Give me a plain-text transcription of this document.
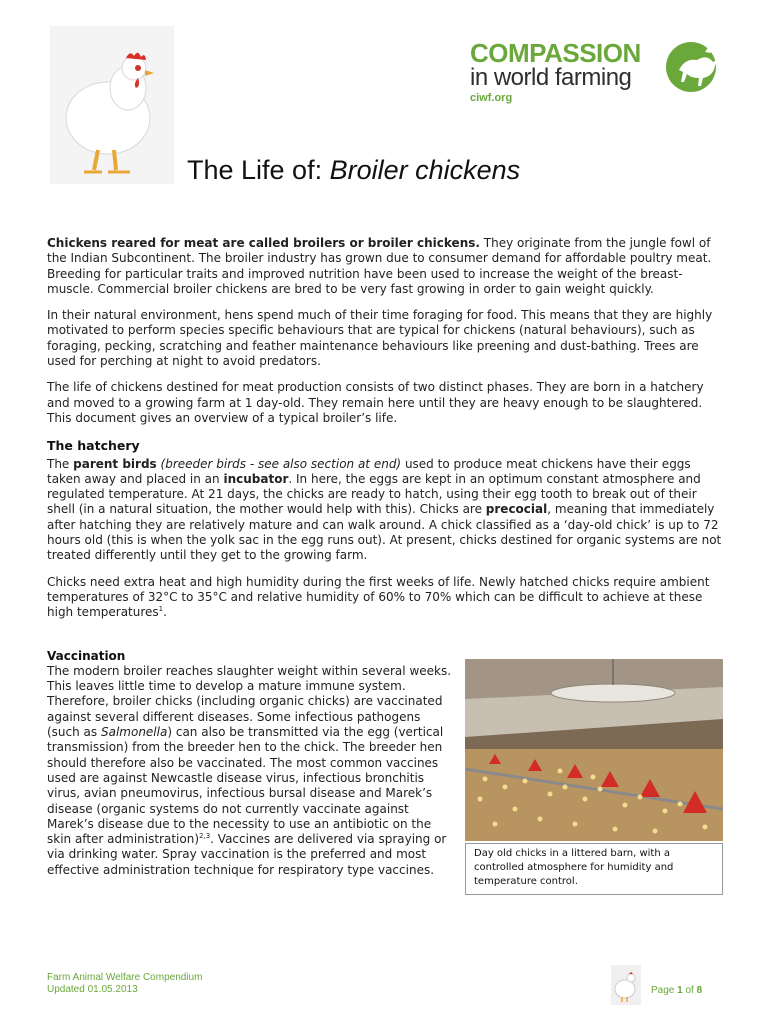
COMPASSION
in world farming
ciwf.org
The Life of: Broiler chickens

Chickens reared for meat are called broilers or broiler chickens. They originate from the jungle fowl of the Indian Subcontinent. The broiler industry has grown due to consumer demand for affordable poultry meat. Breeding for particular traits and improved nutrition have been used to increase the weight of the breast-muscle. Commercial broiler chickens are bred to be very fast growing in order to gain weight quickly.

In their natural environment, hens spend much of their time foraging for food. This means that they are highly motivated to perform species specific behaviours that are typical for chickens (natural behaviours), such as foraging, pecking, scratching and feather maintenance behaviours like preening and dust-bathing. Trees are used for perching at night to avoid predators.

The life of chickens destined for meat production consists of two distinct phases. They are born in a hatchery and moved to a growing farm at 1 day-old. They remain here until they are heavy enough to be slaughtered. This document gives an overview of a typical broiler’s life.

The hatchery

The parent birds (breeder birds - see also section at end) used to produce meat chickens have their eggs taken away and placed in an incubator. In here, the eggs are kept in an optimum constant atmosphere and regulated temperature. At 21 days, the chicks are ready to hatch, using their egg tooth to break out of their shell (in a natural situation, the mother would help with this). Chicks are precocial, meaning that immediately after hatching they are relatively mature and can walk around. A chick classified as a ‘day-old chick’ is up to 72 hours old (this is when the yolk sac in the egg runs out). At present, chicks destined for organic systems are not treated differently until they get to the growing farm.

Chicks need extra heat and high humidity during the first weeks of life. Newly hatched chicks require ambient temperatures of 32°C to 35°C and relative humidity of 60% to 70% which can be difficult to achieve at these high temperatures$^1$.

Vaccination

The modern broiler reaches slaughter weight within several weeks. This leaves little time to develop a mature immune system. Therefore, broiler chicks (including organic chicks) are vaccinated against several different diseases. Some infectious pathogens (such as Salmonella) can also be transmitted via the egg (vertical transmission) from the breeder hen to the chick. The breeder hen should therefore also be vaccinated. The most common vaccines used are against Newcastle disease virus, infectious bronchitis virus, avian pneumovirus, infectious bursal disease and Marek’s disease (organic systems do not currently vaccinate against Marek’s disease due to the necessity to use an antibiotic on the skin after administration)$^{2,3}$. Vaccines are delivered via spraying or via drinking water. Spray vaccination is the preferred and most effective administration technique for respiratory type vaccines.

Day old chicks in a littered barn, with a controlled atmosphere for humidity and temperature control.
Farm Animal Welfare Compendium
Updated 01.05.2013	Page 1 of 8
